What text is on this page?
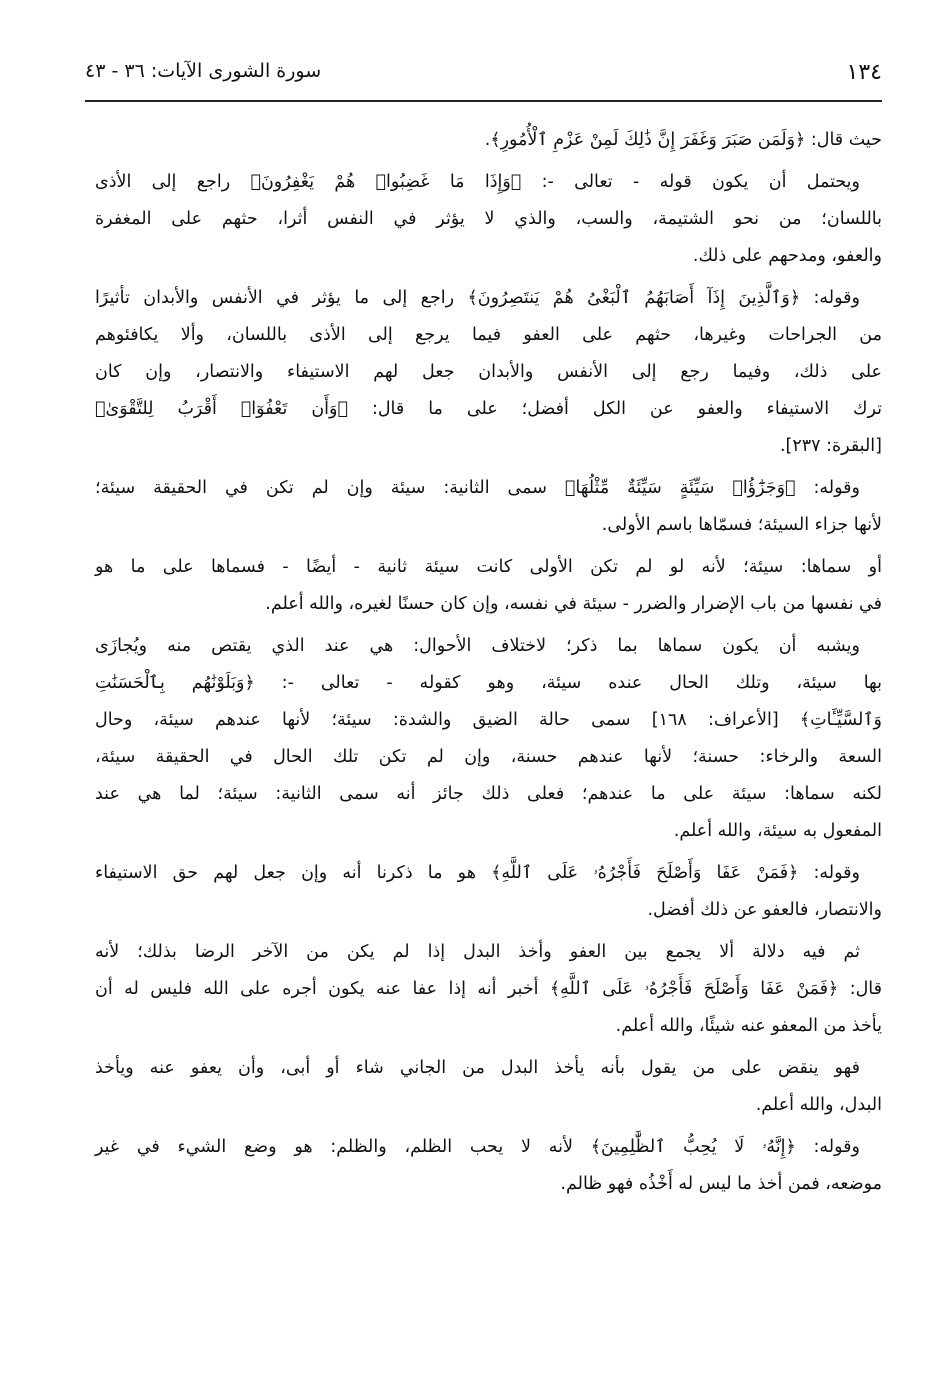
١٣٤
سورة الشورى الآيات: ٣٦ - ٤٣
حيث قال: ﴿وَلَمَن صَبَرَ وَغَفَرَ إِنَّ ذَٰلِكَ لَمِنْ عَزْمِ ٱلْأُمُورِ﴾.
ويحتمل أن يكون قوله - تعالى -: ﴿وَإِذَا مَا غَضِبُوا۟ هُمْ يَغْفِرُونَ﴾ راجع إلى الأذى
باللسان؛ من نحو الشتيمة، والسب، والذي لا يؤثر في النفس أثرا، حثهم على المغفرة
والعفو، ومدحهم على ذلك.
وقوله: ﴿وَٱلَّذِينَ إِذَآ أَصَابَهُمُ ٱلْبَغْىُ هُمْ يَنتَصِرُونَ﴾ راجع إلى ما يؤثر في الأنفس والأبدان تأثيرًا
من الجراحات وغيرها، حثهم على العفو فيما يرجع إلى الأذى باللسان، وألا يكافئوهم
على ذلك، وفيما رجع إلى الأنفس والأبدان جعل لهم الاستيفاء والانتصار، وإن كان
ترك الاستيفاء والعفو عن الكل أفضل؛ على ما قال: ﴿وَأَن تَعْفُوٓا۟ أَقْرَبُ لِلتَّقْوَىٰ﴾
[البقرة: ٢٣٧].
وقوله: ﴿وَجَزَٰٓؤُا۟ سَيِّئَةٍ سَيِّئَةٌ مِّثْلُهَا﴾ سمى الثانية: سيئة وإن لم تكن في الحقيقة سيئة؛
لأنها جزاء السيئة؛ فسمّاها باسم الأولى.
أو سماها: سيئة؛ لأنه لو لم تكن الأولى كانت سيئة ثانية - أيضًا - فسماها على ما هو
في نفسها من باب الإضرار والضرر - سيئة في نفسه، وإن كان حسنًا لغيره، والله أعلم.
ويشبه أن يكون سماها بما ذكر؛ لاختلاف الأحوال: هي عند الذي يقتص منه ويُجازَى
بها سيئة، وتلك الحال عنده سيئة، وهو كقوله - تعالى -: ﴿وَبَلَوْنَٰهُم بِٱلْحَسَنَٰتِ
وَٱلسَّيِّـَٔاتِ﴾ [الأعراف: ١٦٨] سمى حالة الضيق والشدة: سيئة؛ لأنها عندهم سيئة، وحال
السعة والرخاء: حسنة؛ لأنها عندهم حسنة، وإن لم تكن تلك الحال في الحقيقة سيئة،
لكنه سماها: سيئة على ما عندهم؛ فعلى ذلك جائز أنه سمى الثانية: سيئة؛ لما هي عند
المفعول به سيئة، والله أعلم.
وقوله: ﴿فَمَنْ عَفَا وَأَصْلَحَ فَأَجْرُهُۥ عَلَى ٱللَّهِ﴾ هو ما ذكرنا أنه وإن جعل لهم حق الاستيفاء
والانتصار، فالعفو عن ذلك أفضل.
ثم فيه دلالة ألا يجمع بين العفو وأخذ البدل إذا لم يكن من الآخر الرضا بذلك؛ لأنه
قال: ﴿فَمَنْ عَفَا وَأَصْلَحَ فَأَجْرُهُۥ عَلَى ٱللَّهِ﴾ أخبر أنه إذا عفا عنه يكون أجره على الله فليس له أن
يأخذ من المعفو عنه شيئًا، والله أعلم.
فهو ينقض على من يقول بأنه يأخذ البدل من الجاني شاء أو أبى، وأن يعفو عنه ويأخذ
البدل، والله أعلم.
وقوله: ﴿إِنَّهُۥ لَا يُحِبُّ ٱلظَّٰلِمِينَ﴾ لأنه لا يحب الظلم، والظلم: هو وضع الشيء في غير
موضعه، فمن أخذ ما ليس له أَخْذُه فهو ظالم.
